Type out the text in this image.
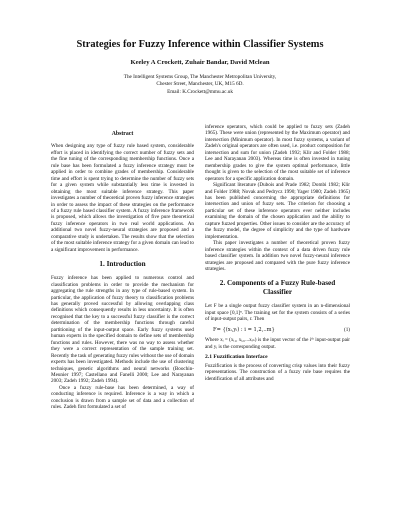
Strategies for Fuzzy Inference within Classifier Systems
Keeley A Crockett, Zuhair Bandar, David Mclean
The Intelligent Systems Group, The Manchester Metropolitan University,
Chester Street, Manchester, UK, M15 6D.
Email: K.Crockett@mmu.ac.uk
Abstract

When designing any type of fuzzy rule based system, considerable effort is placed in identifying the correct number of fuzzy sets and the fine tuning of the corresponding membership functions. Once a rule base has been formulated a fuzzy inference strategy must be applied in order to combine grades of membership. Considerable time and effort is spent trying to determine the number of fuzzy sets for a given system while substantially less time is invested in obtaining the most suitable inference strategy. This paper investigates a number of theoretical proven fuzzy inference strategies in order to assess the impact of these strategies on the performance of a fuzzy rule based classifier system. A fuzzy inference framework is proposed, which allows the investigation of five pure theoretical fuzzy inference operators in two real world applications. An additional two novel fuzzy-neural strategies are proposed and a comparative study is undertaken. The results show that the selection of the most suitable inference strategy for a given domain can lead to a significant improvement in performance.

1. Introduction

Fuzzy inference has been applied to numerous control and classification problems in order to provide the mechanism for aggregating the rule strengths in any type of rule-based system. In particular, the application of fuzzy theory to classification problems has generally proved successful by allowing overlapping class definitions which consequently results in less uncertainty. It is often recognised that the key to a successful fuzzy classifier is the correct determination of the membership functions through careful partitioning of the input-output space. Early fuzzy systems used human experts in the specified domain to define sets of membership functions and rules. However, there was no way to assess whether they were a correct representation of the sample training set. Recently the task of generating fuzzy rules without the use of domain experts has been investigated. Methods include the use of clustering techniques, genetic algorithms and neural networks (Boochin-Meunier 1997; Castellano and Fanelli 2000; Lee and Narayanan 2003; Zadeh 1992; Zadeh 1994).

Once a fuzzy rule-base has been determined, a way of conducting inference is required. Inference is a way in which a conclusion is drawn from a sample set of data and a collection of rules. Zadeh first formulated a set of

inference operators, which could be applied to fuzzy sets (Zadeh 1965). These were union (represented by the Maximum operator) and intersection (Minimum operator). In most fuzzy systems, a variant of Zadeh's original operators are often used, i.e. product composition for intersection and sum for union (Zadeh 1992; Klir and Folder 1988; Lee and Narayanan 2003). Whereas time is often invested in tuning membership grades to give the system optimal performance, little thought is given to the selection of the most suitable set of inference operators for a specific application domain.

Significant literature (Dubois and Prade 1982; Dombi 1982; Klir and Folder 1988; Novak and Pedrycz 1990; Yager 1980; Zadeh 1965) has been published concerning the appropriate definitions for intersection and union of fuzzy sets. The criterion for choosing a particular set of these inference operators ever neither includes examining the domain of the chosen application and the ability to capture fuzzed properties. Other issues to consider are the accuracy of the fuzzy model, the degree of simplicity and the type of hardware implementation.

This paper investigates a number of theoretical proven fuzzy inference strategies within the context of a data driven fuzzy rule based classifier system. In addition two novel fuzzy-neural inference strategies are proposed and compared with the pure fuzzy inference strategies.

2. Components of a Fuzzy Rule-based Classifier

Let F be a single output fuzzy classifier system in an n-dimensional input space [0,1]ⁿ. The training set for the system consists of a series of input-output pairs, r. Then

F= {(xᵢ,yᵢ) : i = 1,2,..m}	(1)

Where xᵢ = (xᵢ₁, xᵢ₂,...xᵢₙ) is the input vector of the iᵗʰ input-output pair and yᵢ is the corresponding output.

2.1 Fuzzification Interface

Fuzzification is the process of converting crisp values into their fuzzy representations. The construction of a fuzzy rule base requires the identification of all attributes and
